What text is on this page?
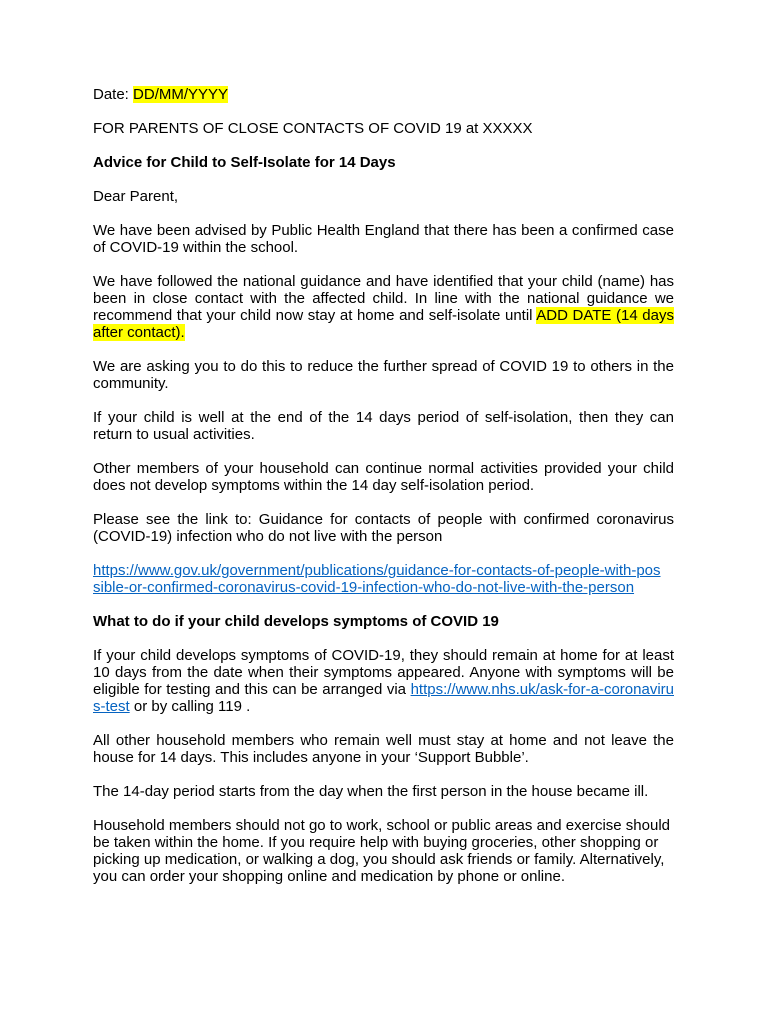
Date: DD/MM/YYYY

FOR PARENTS OF CLOSE CONTACTS OF COVID 19 at XXXXX

Advice for Child to Self-Isolate for 14 Days

Dear Parent,

We have been advised by Public Health England that there has been a confirmed case of COVID-19 within the school.

We have followed the national guidance and have identified that your child (name) has been in close contact with the affected child. In line with the national guidance we recommend that your child now stay at home and self-isolate until ADD DATE (14 days after contact).

We are asking you to do this to reduce the further spread of COVID 19 to others in the community.

If your child is well at the end of the 14 days period of self-isolation, then they can return to usual activities.

Other members of your household can continue normal activities provided your child does not develop symptoms within the 14 day self-isolation period.

Please see the link to: Guidance for contacts of people with confirmed coronavirus (COVID-19) infection who do not live with the person

https://www.gov.uk/government/publications/guidance-for-contacts-of-people-with-possible-or-confirmed-coronavirus-covid-19-infection-who-do-not-live-with-the-person

What to do if your child develops symptoms of COVID 19

If your child develops symptoms of COVID-19, they should remain at home for at least 10 days from the date when their symptoms appeared. Anyone with symptoms will be eligible for testing and this can be arranged via https://www.nhs.uk/ask-for-a-coronavirus-test or by calling 119 .

All other household members who remain well must stay at home and not leave the house for 14 days. This includes anyone in your ‘Support Bubble’.

The 14-day period starts from the day when the first person in the house became ill.

Household members should not go to work, school or public areas and exercise should be taken within the home. If you require help with buying groceries, other shopping or picking up medication, or walking a dog, you should ask friends or family. Alternatively, you can order your shopping online and medication by phone or online.
